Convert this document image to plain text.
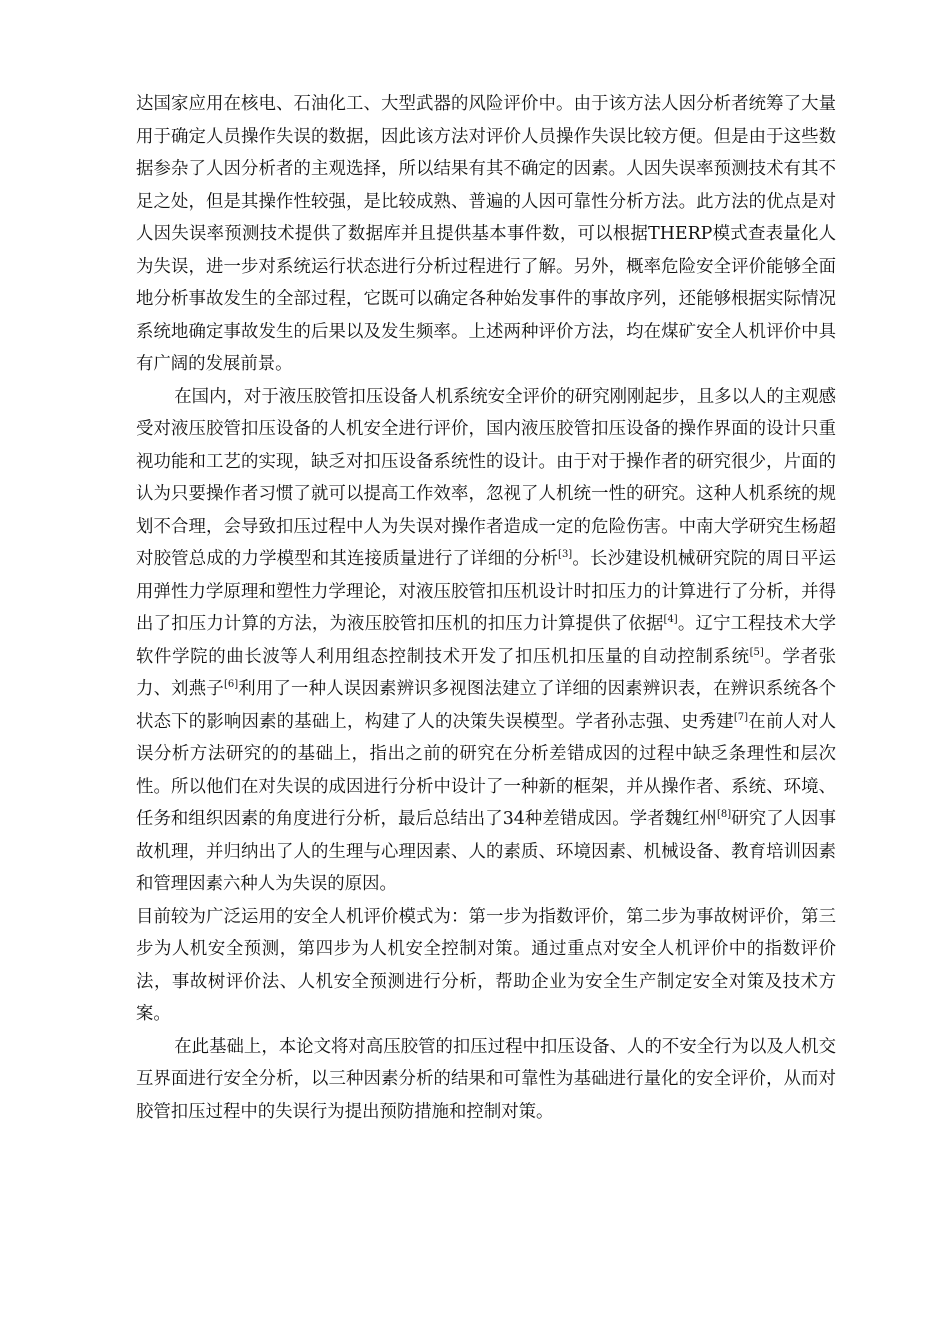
达国家应用在核电、石油化工、大型武器的风险评价中。由于该方法人因分析者统筹了大量用于确定人员操作失误的数据，因此该方法对评价人员操作失误比较方便。但是由于这些数据参杂了人因分析者的主观选择，所以结果有其不确定的因素。人因失误率预测技术有其不足之处，但是其操作性较强，是比较成熟、普遍的人因可靠性分析方法。此方法的优点是对人因失误率预测技术提供了数据库并且提供基本事件数，可以根据THERP模式查表量化人为失误，进一步对系统运行状态进行分析过程进行了解。另外，概率危险安全评价能够全面地分析事故发生的全部过程，它既可以确定各种始发事件的事故序列，还能够根据实际情况系统地确定事故发生的后果以及发生频率。上述两种评价方法，均在煤矿安全人机评价中具有广阔的发展前景。

在国内，对于液压胶管扣压设备人机系统安全评价的研究刚刚起步，且多以人的主观感受对液压胶管扣压设备的人机安全进行评价，国内液压胶管扣压设备的操作界面的设计只重视功能和工艺的实现，缺乏对扣压设备系统性的设计。由于对于操作者的研究很少，片面的认为只要操作者习惯了就可以提高工作效率，忽视了人机统一性的研究。这种人机系统的规划不合理，会导致扣压过程中人为失误对操作者造成一定的危险伤害。中南大学研究生杨超对胶管总成的力学模型和其连接质量进行了详细的分析[3]。长沙建设机械研究院的周日平运用弹性力学原理和塑性力学理论，对液压胶管扣压机设计时扣压力的计算进行了分析，并得出了扣压力计算的方法，为液压胶管扣压机的扣压力计算提供了依据[4]。辽宁工程技术大学软件学院的曲长波等人利用组态控制技术开发了扣压机扣压量的自动控制系统[5]。学者张力、刘燕子[6]利用了一种人误因素辨识多视图法建立了详细的因素辨识表，在辨识系统各个状态下的影响因素的基础上，构建了人的决策失误模型。学者孙志强、史秀建[7]在前人对人误分析方法研究的的基础上，指出之前的研究在分析差错成因的过程中缺乏条理性和层次性。所以他们在对失误的成因进行分析中设计了一种新的框架，并从操作者、系统、环境、任务和组织因素的角度进行分析，最后总结出了34种差错成因。学者魏红州[8]研究了人因事故机理，并归纳出了人的生理与心理因素、人的素质、环境因素、机械设备、教育培训因素和管理因素六种人为失误的原因。

目前较为广泛运用的安全人机评价模式为：第一步为指数评价，第二步为事故树评价，第三步为人机安全预测，第四步为人机安全控制对策。通过重点对安全人机评价中的指数评价法，事故树评价法、人机安全预测进行分析，帮助企业为安全生产制定安全对策及技术方案。

在此基础上，本论文将对高压胶管的扣压过程中扣压设备、人的不安全行为以及人机交互界面进行安全分析，以三种因素分析的结果和可靠性为基础进行量化的安全评价，从而对胶管扣压过程中的失误行为提出预防措施和控制对策。
